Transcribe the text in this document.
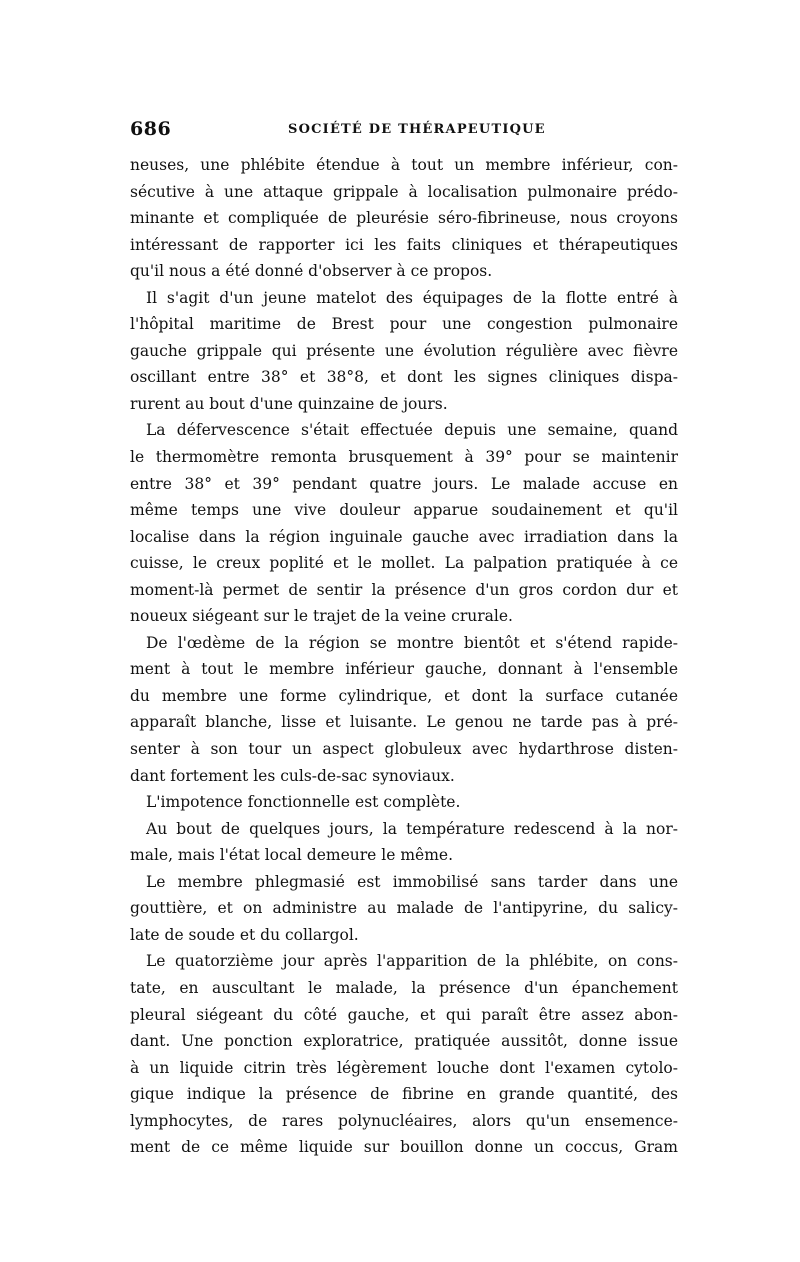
686	SOCIÉTÉ DE THÉRAPEUTIQUE
neuses, une phlébite étendue à tout un membre inférieur, con-
sécutive à une attaque grippale à localisation pulmonaire prédo-
minante et compliquée de pleurésie séro-fibrineuse, nous croyons
intéressant de rapporter ici les faits cliniques et thérapeutiques
qu'il nous a été donné d'observer à ce propos.
Il s'agit d'un jeune matelot des équipages de la flotte entré à
l'hôpital maritime de Brest pour une congestion pulmonaire
gauche grippale qui présente une évolution régulière avec fièvre
oscillant entre 38° et 38°8, et dont les signes cliniques dispa-
rurent au bout d'une quinzaine de jours.
La défervescence s'était effectuée depuis une semaine, quand
le thermomètre remonta brusquement à 39° pour se maintenir
entre 38° et 39° pendant quatre jours. Le malade accuse en
même temps une vive douleur apparue soudainement et qu'il
localise dans la région inguinale gauche avec irradiation dans la
cuisse, le creux poplité et le mollet. La palpation pratiquée à ce
moment-là permet de sentir la présence d'un gros cordon dur et
noueux siégeant sur le trajet de la veine crurale.
De l'œdème de la région se montre bientôt et s'étend rapide-
ment à tout le membre inférieur gauche, donnant à l'ensemble
du membre une forme cylindrique, et dont la surface cutanée
apparaît blanche, lisse et luisante. Le genou ne tarde pas à pré-
senter à son tour un aspect globuleux avec hydarthrose disten-
dant fortement les culs-de-sac synoviaux.
L'impotence fonctionnelle est complète.
Au bout de quelques jours, la température redescend à la nor-
male, mais l'état local demeure le même.
Le membre phlegmasié est immobilisé sans tarder dans une
gouttière, et on administre au malade de l'antipyrine, du salicy-
late de soude et du collargol.
Le quatorzième jour après l'apparition de la phlébite, on cons-
tate, en auscultant le malade, la présence d'un épanchement
pleural siégeant du côté gauche, et qui paraît être assez abon-
dant. Une ponction exploratrice, pratiquée aussitôt, donne issue
à un liquide citrin très légèrement louche dont l'examen cytolo-
gique indique la présence de fibrine en grande quantité, des
lymphocytes, de rares polynucléaires, alors qu'un ensemence-
ment de ce même liquide sur bouillon donne un coccus, Gram
